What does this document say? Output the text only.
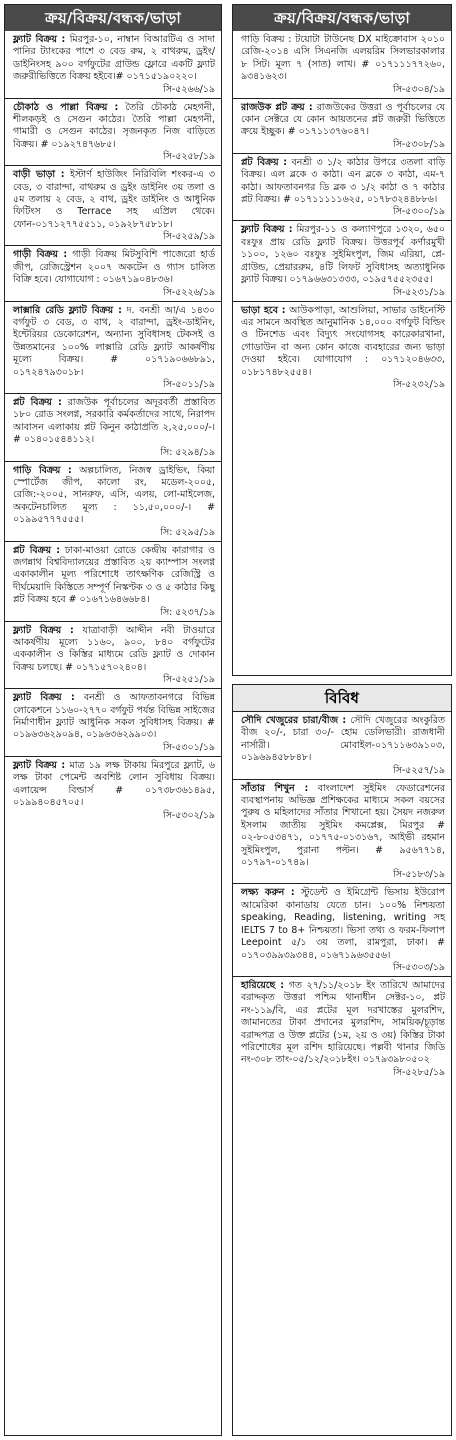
ক্রয়/বিক্রয়/বন্ধক/ভাড়া

ফ্ল্যাট বিক্রয় : মিরপুর-১০, নাম্বান বিআরটিএ ও সাদা পানির ট্যাংকের পাশে ৩ বেড রুম, ২ বাথরুম, ড্রইং/ডাইনিংসহ ৯০০ বর্গফুটের গ্রাউন্ড ফ্লোরে একটি ফ্ল্যাট জরুরীভিত্তিতে বিক্রয় হইবে।# ০১৭১৫১৯০২২০।

সি-৫২৬৬/১৯

চৌকাঠ ও পাল্লা বিক্রয় : তৈরি চৌকাঠ মেহগনী, শীলকড়ই ও সেগুন কাঠের। তৈরি পাল্লা মেহগনী, গামারী ও সেগুন কাঠের। সৃজনকৃত নিজ বাড়িতে বিক্রয়। # ০১৯২৭৪৭৬৮৫।

সি-৫২৫৮/১৯

বাড়ী ভাড়া : ইস্টার্ণ হাউজিং নিরিবিলি শংকর-এ ৩ বেড, ৩ বারান্দা, বাথরুম ও ড্রইং ডাইনিং ৩য় তলা ও ৫ম তলায় ২ বেড, ২ বাথ, ড্রইং ডাইনিং ও আধুনিক ফিটিংস ও Terrace সহ এপ্রিল থেকে। ফোন-০১৭১২৭৭৫৫১১, ০১৯২৮৭৫৮১৮।

সি-৫২৫৯/১৯

গাড়ী বিক্রয় : গাড়ী বিক্রয় মিটসুবিশি পাজেরো হার্ড জীপ, রেজিস্ট্রেশন ২০০৭ অকটেন ও গ্যাস চালিত বিক্রি হবে। যোগাযোগ : ০১৬৭১৯০৪৮৩৬।

সি-৫২২৬/১৯

লাক্সারি রেডি ফ্ল্যাট বিক্রয় : দ. বনশ্রী আ/এ ১৪৩০ বর্গফুট ৩ বেড, ৩ বাথ, ২ বারান্দা, ড্রইং-ডাইনিং, ইন্টেরিয়র ডেকোরেশন, অন্যান্য সুবিধাসহ টেকসই ও উন্নতমানের ১০০% লাক্সারি রেডি ফ্ল্যাট আকর্ষণীয় মূল্যে বিক্রয়। # ০১৭১৯০৬৬৮৯১, ০১৭২৪৭৯৩০১৮।

সি-৫০১১/১৯

প্লট বিক্রয় : রাজউক পূর্বাচলের অদূরবর্তী প্রস্তাবিত ১৮০ রোড সংলগ্ন, সরকারি কর্মকর্তাদের সাথে, নিরাপদ আবাসন এলাকায় প্লট কিনুন কাঠাপ্রতি ২,২৫,০০০/-। # ০১৪০১৫৪৪১১২।

সি: ৫২৯৪/১৯

গাড়ি বিক্রয় : অল্পচালিত, নিজস্ব ড্রাইভিং, কিয়া স্পোর্টেজ জীপ, কালো রং, মডেল-২০০৫, রেজি:-২০০৫, সানরুফ, এসি, এলয়, লো-মাইলেজ, অকটেনচালিত মূল্য : ১১,৫০,০০০/-। # ০১৯৯৫৭৭৭৫৫৫।

সি: ৫২৯৫/১৯

প্লট বিক্রয় : ঢাকা-মাওয়া রোডে কেন্দ্রীয় কারাগার ও জগন্নাথ বিশ্ববিদ্যালয়ের প্রস্তাবিত ২য় ক্যাম্পাস সংলগ্ন একাকালীন মূল্য পরিশোধে তাৎক্ষণিক রেজিস্ট্রি ও দীর্ঘমেয়াদি কিস্তিতে সম্পূর্ণ নিস্কণ্টক ৩ ও ৫ কাঠার কিছু প্লট বিক্রয় হবে # ০১৬৭১৬৪৬৬৮৪।

সি: ৫২৩৭/১৯

ফ্ল্যাট বিক্রয় : যাত্রাবাড়ী আদ্দীন নবী টাওয়ারে আকর্ষণীয় মূল্যে ১১৬০, ৯০০, ৮৪০ বর্গফুটের এককালীন ও কিস্তির মাধ্যমে রেডি ফ্ল্যাট ও দোকান বিক্রয় চলছে। # ০১৭১৫৭০২৪০৪।

সি-৫২৫১/১৯

ফ্ল্যাট বিক্রয় : বনশ্রী ও আফতাবনগরে বিভিন্ন লোকেশনে ১১৬০-২৭৭০ বর্গফুট পর্যন্ত বিভিন্ন সাইজের নির্মাণাধীন ফ্ল্যাট আধুনিক সকল সুবিধাসহ বিক্রয়। # ০১৯৬৩৬২৯০৯৪, ০১৯৬৩৬২৯৯০৩।

সি-৫৩০১/১৯

ফ্ল্যাট বিক্রয় : মাত্র ১৯ লক্ষ টাকায় মিরপুরে ফ্ল্যাট, ৬ লক্ষ টাকা পেমেন্ট অবশিষ্ট লোন সুবিধায় বিক্রয়। এলায়েন্স বিল্ডার্স # ০১৭৩৮৩৬১৪৯৫, ০১৯৯৪০৪৫৭০৫।

সি-৫৩০২/১৯

ক্রয়/বিক্রয়/বন্ধক/ভাড়া

গাড়ি বিক্রয় : টয়োটা টাউনেছ DX মাইক্রোবাস ২০১০ রেজি-২০১৪ এসি সিএনজি এলয়রিম সিলভারকালার ৮ সিট। মূল্য ৭ (সাত) লাখ। # ০১৭১১১৭৭২৬০, ৯৩৪১৬২৩।

সি-৫৩০৪/১৯

রাজউক প্লট ক্রয় : রাজউকের উত্তরা ও পূর্বাচলের যে কোন সেক্টরে যে কোন আয়তনের প্লট জরুরী ভিত্তিতে ক্রয়ে ইচ্ছুক। # ০১৭১১৩৭৬০৪৭।

সি-৫৩০৮/১৯

প্লট বিক্রয় : বনশ্রী ৩ ১/২ কাঠার উপরে ৩তলা বাড়ি বিক্রয়। এল ব্লকে ৩ কাঠা। এন ব্লকে ৩ কাঠা, এম-৭ কাঠা। আফতাবনগর ডি ব্লক ৩ ১/২ কাঠা ও ৭ কাঠার প্লট বিক্রয়। # ০১৭১১১১১৬২৫, ০১৭৮৩২৪৪৮৮৬।

সি-৫৩০০/১৯

ফ্ল্যাট বিক্রয় : মিরপুর-১১ ও কল্যাণপুরে ১৩২০, ৬৫০ বঃফুঃ প্রায় রেডি ফ্ল্যাট বিক্রয়। উত্তরপূর্ব কর্ণারমুখী ১১০০, ১২৬০ বঃফুঃ সুইমিংপুল, জিম এরিয়া, প্লে-গ্রাউন্ড, প্রেয়াররুম, ৪টি লিফট সুবিধাসহ অত্যাধুনিক ফ্ল্যাট বিক্রয়। ০১৭৯৬৬৩১৩৩৩, ০১৯৫৭৫৫২৩৫৫।

সি-৫২৩১/১৯

ভাড়া হবে : আউকপাড়া, আশুলিয়া, সাভার ডাইনেস্টি এর সামনে অবস্থিত আনুমানিক ১৪,০০০ বর্গফুট বিল্ডিং ও টিনশেড এবং বিদ্যুৎ সংযোগসহ কারেকারখানা, গোডাউন বা অন্য কোন কাজে ব্যবহারের জন্য ভাড়া দেওয়া হইবে। যোগাযোগ : ০১৭১২০৪৬৩৩, ০১৮১৭৪৮২৫৫৪।

সি-৫২৩২/১৯

বিবিধ

সৌদি খেজুরের চারা/বীজ : সৌদি খেজুরের অংকুরিত বীজ ২০/-, চারা ৩০/- হোম ডেলিভারী। রাজধানী নার্সারী। মোবাইল-০১৭১১৬৩৯১০৩, ০১৯৬৯৪৫৮৮৪৮।

সি-৫২৫৭/১৯

সাঁতার শিখুন : বাংলাদেশ সুইমিং ফেডারেশনের ব্যবস্থাপনায় অভিজ্ঞ প্রশিক্ষকের মাধ্যমে সকল বয়সের পুরুষ ও মহিলাদের সাঁতার শিখানো হয়। সৈয়দ নজরুল ইসলাম জাতীয় সুইমিং কমপ্লেক্স, মিরপুর # ০২-৮০৫৩৪৭১, ০১৭৭৫-০১৩১৬৭, আইভী রহমান সুইমিংপুল, পুরানা পল্টন। # ৯৫৬৭৭১৪, ০১৭৯৭-০১৭৪৯।

সি-৫১৮৩/১৯

লক্ষ্য করুন : স্টুডেন্ট ও ইমিগ্রেন্ট ভিসায় ইউরোপ আমেরিকা কানাডায় যেতে চান। ১০০% নিশ্চয়তা speaking, Reading, listening, writing সহ IELTS 7 to 8+ নিশ্চয়তা। ভিসা তথ্য ও ফরম-ফিলাপ Leepoint ৫/১ ৩য় তলা, রামপুরা, ঢাকা। # ০১৭০৩৯৯৩৯৩৪৪, ০১৬৭১৯৬৩৫৫৬।

সি-৫৩০৩/১৯

হারিয়েছে : গত ২৭/১১/২০১৮ ইং তারিখে আমাদের বরাদ্দকৃত উত্তরা পশ্চিম থানাধীন সেক্টর-১০, প্লট নং-১১৯/বি, এর প্লটের মূল দরখাস্তের মুলরশিদ, জামানতের টাকা প্রদানের মুলরশিদ, সাময়িক/চূড়ান্ত বরাদ্দপত্র ও উক্ত প্লটের (১ম, ২য় ও ৩য়) কিস্তির টাকা পরিশোধের মূল রশিদ হারিয়েছে। পল্লবী থানার জিডি নং-৩০৮ তাং-০৫/১২/২০১৮ইং। ০১৭৯৩৯৮০৫০২

সি-৫২৮৫/১৯
